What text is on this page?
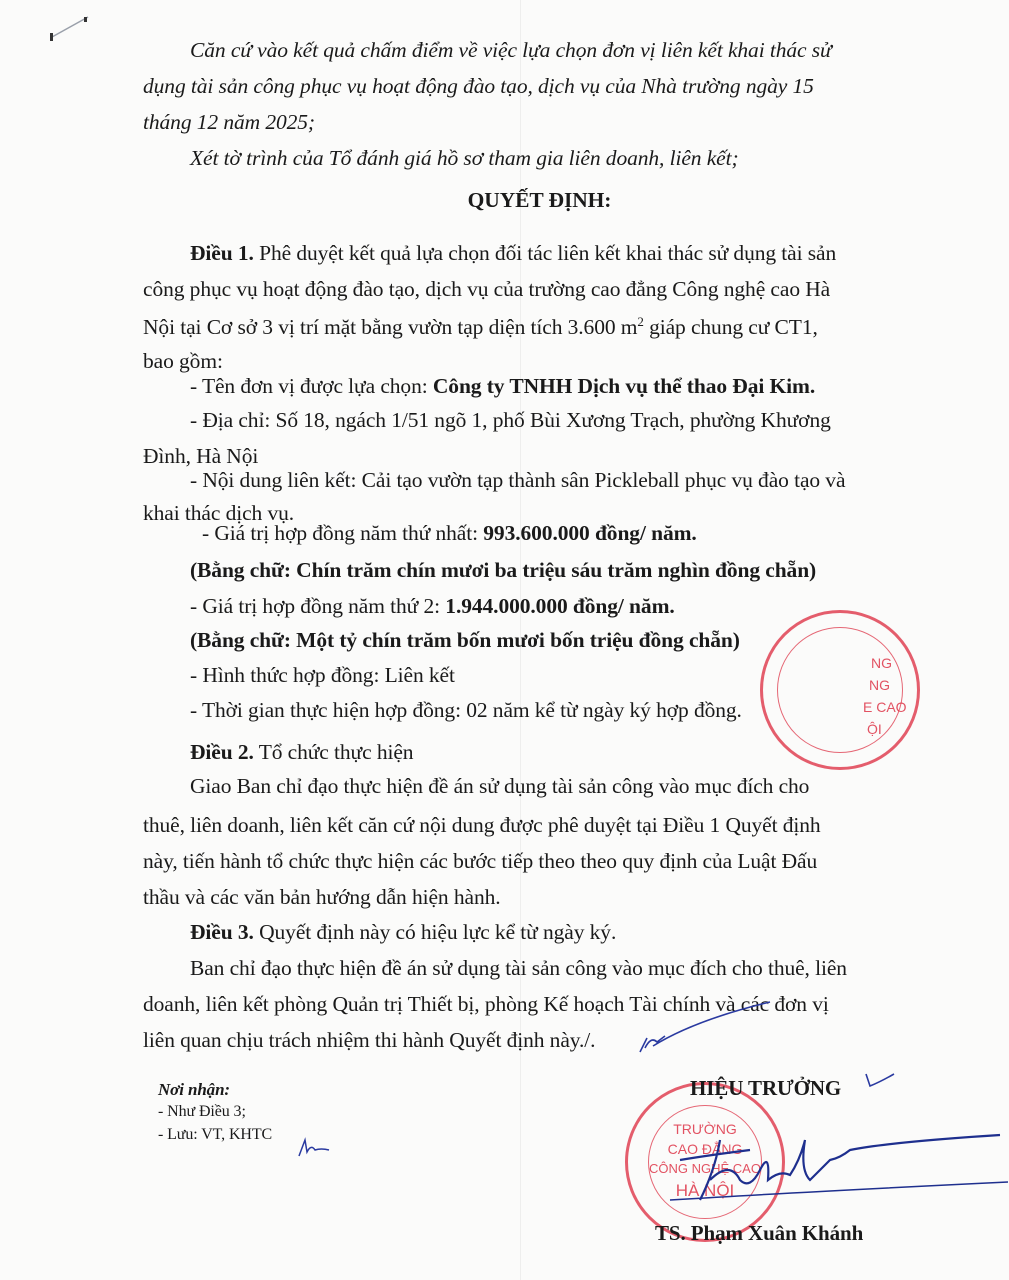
Căn cứ vào kết quả chấm điểm về việc lựa chọn đơn vị liên kết khai thác sử
dụng tài sản công phục vụ hoạt động đào tạo, dịch vụ của Nhà trường ngày 15
tháng 12 năm 2025;
Xét tờ trình của Tổ đánh giá hồ sơ tham gia liên doanh, liên kết;
QUYẾT ĐỊNH:
Điều 1. Phê duyệt kết quả lựa chọn đối tác liên kết khai thác sử dụng tài sản
công phục vụ hoạt động đào tạo, dịch vụ của trường cao đẳng Công nghệ cao Hà
Nội tại Cơ sở 3 vị trí mặt bằng vườn tạp diện tích 3.600 $m^2$ giáp chung cư CT1,
bao gồm:
- Tên đơn vị được lựa chọn: Công ty TNHH Dịch vụ thể thao Đại Kim.
- Địa chỉ: Số 18, ngách 1/51 ngõ 1, phố Bùi Xương Trạch, phường Khương
Đình, Hà Nội
- Nội dung liên kết: Cải tạo vườn tạp thành sân Pickleball phục vụ đào tạo và
khai thác dịch vụ.
- Giá trị hợp đồng năm thứ nhất: 993.600.000 đồng/ năm.
(Bằng chữ: Chín trăm chín mươi ba triệu sáu trăm nghìn đồng chẵn)
- Giá trị hợp đồng năm thứ 2: 1.944.000.000 đồng/ năm.
(Bằng chữ: Một tỷ chín trăm bốn mươi bốn triệu đồng chẵn)
- Hình thức hợp đồng: Liên kết
- Thời gian thực hiện hợp đồng: 02 năm kể từ ngày ký hợp đồng.
NG
NG
E CAO
ỘI
Điều 2. Tổ chức thực hiện
Giao Ban chỉ đạo thực hiện đề án sử dụng tài sản công vào mục đích cho
thuê, liên doanh, liên kết căn cứ nội dung được phê duyệt tại Điều 1 Quyết định
này, tiến hành tổ chức thực hiện các bước tiếp theo theo quy định của Luật Đấu
thầu và các văn bản hướng dẫn hiện hành.
Điều 3. Quyết định này có hiệu lực kể từ ngày ký.
Ban chỉ đạo thực hiện đề án sử dụng tài sản công vào mục đích cho thuê, liên
doanh, liên kết phòng Quản trị Thiết bị, phòng Kế hoạch Tài chính và các đơn vị
liên quan chịu trách nhiệm thi hành Quyết định này./.
Nơi nhận:
- Như Điều 3;
- Lưu: VT, KHTC	TRƯỜNG
CAO ĐẲNG
CÔNG NGHỆ CAO
HÀ NỘI
HIỆU TRƯỞNG
TS. Phạm Xuân Khánh
